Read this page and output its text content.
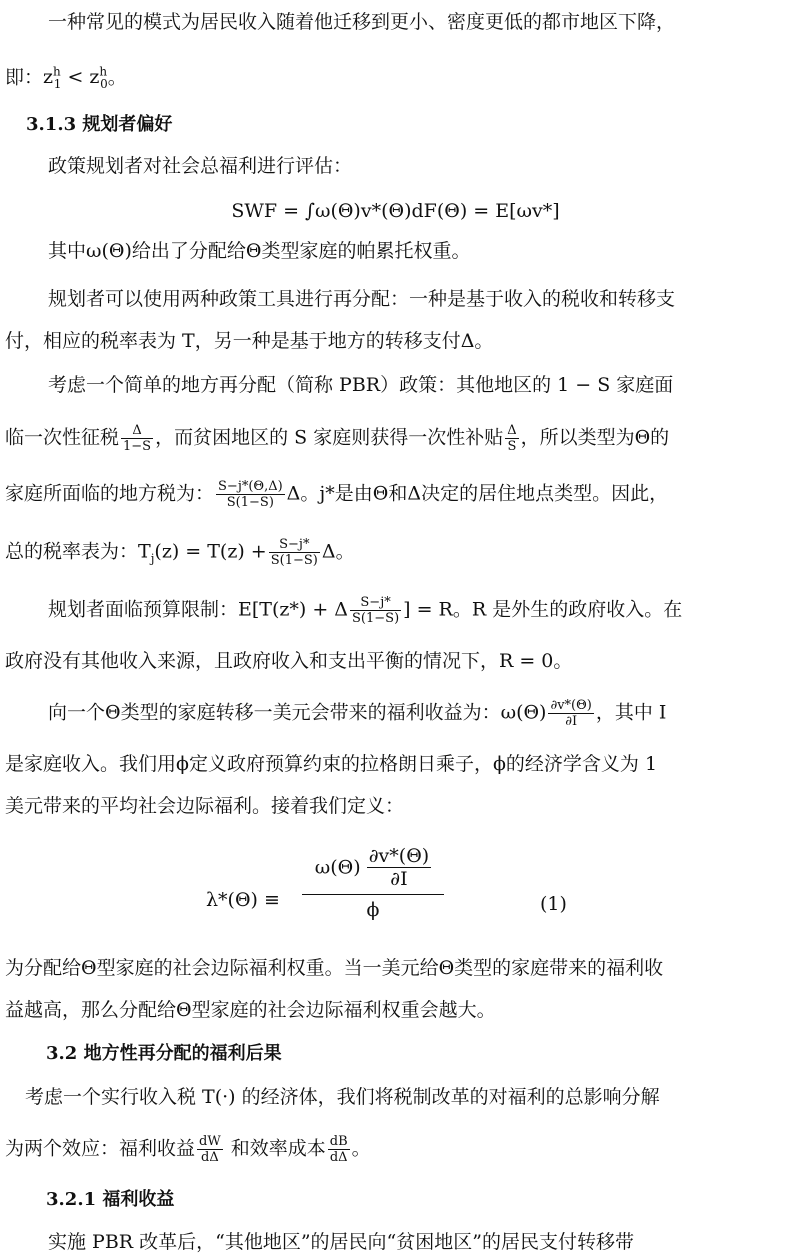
一种常见的模式为居民收入随着他迁移到更小、密度更低的都市地区下降，
即：$z^h_1 < z^h_0$。
3.1.3 规划者偏好
政策规划者对社会总福利进行评估：
SWF = ∫ω(Θ)v*(Θ)dF(Θ) = E[ωv*]
其中ω(Θ)给出了分配给Θ类型家庭的帕累托权重。
规划者可以使用两种政策工具进行再分配：一种是基于收入的税收和转移支
付，相应的税率表为 T，另一种是基于地方的转移支付Δ。
考虑一个简单的地方再分配（简称 PBR）政策：其他地区的 1 − S 家庭面
临一次性征税 $\frac{\Delta}{1-S}$ ，而贫困地区的 S 家庭则获得一次性补贴 $\frac{\Delta}{S}$ ，所以类型为Θ的
家庭所面临的地方税为： $\frac{S-j*(\Theta,\Delta)}{S(1-S)}$ Δ。j*是由Θ和Δ决定的居住地点类型。因此，
总的税率表为：$T_j(z) = T(z) + \frac{S-j*}{S(1-S)}$ Δ。
规划者面临预算限制：E[T(z*) + Δ $\frac{S-j*}{S(1-S)}$ ] = R。R 是外生的政府收入。在
政府没有其他收入来源，且政府收入和支出平衡的情况下，R = 0。
向一个Θ类型的家庭转移一美元会带来的福利收益为：$\omega(\Theta) \frac{\partial v*(\Theta)}{\partial I}$ ，其中 I
是家庭收入。我们用ϕ定义政府预算约束的拉格朗日乘子，ϕ的经济学含义为 1
美元带来的平均社会边际福利。接着我们定义：
λ*(Θ) ≡
$\omega(\Theta) \frac{\partial v*(\Theta)}{\partial I}$
ϕ	(1)
为分配给Θ型家庭的社会边际福利权重。当一美元给Θ类型的家庭带来的福利收
益越高，那么分配给Θ型家庭的社会边际福利权重会越大。
3.2 地方性再分配的福利后果
考虑一个实行收入税 T(·) 的经济体，我们将税制改革的对福利的总影响分解
为两个效应：福利收益 $\frac{dW}{d\Delta}$ 和效率成本 $\frac{dB}{d\Delta}$ 。
3.2.1 福利收益
实施 PBR 改革后，“其他地区”的居民向“贫困地区”的居民支付转移带
